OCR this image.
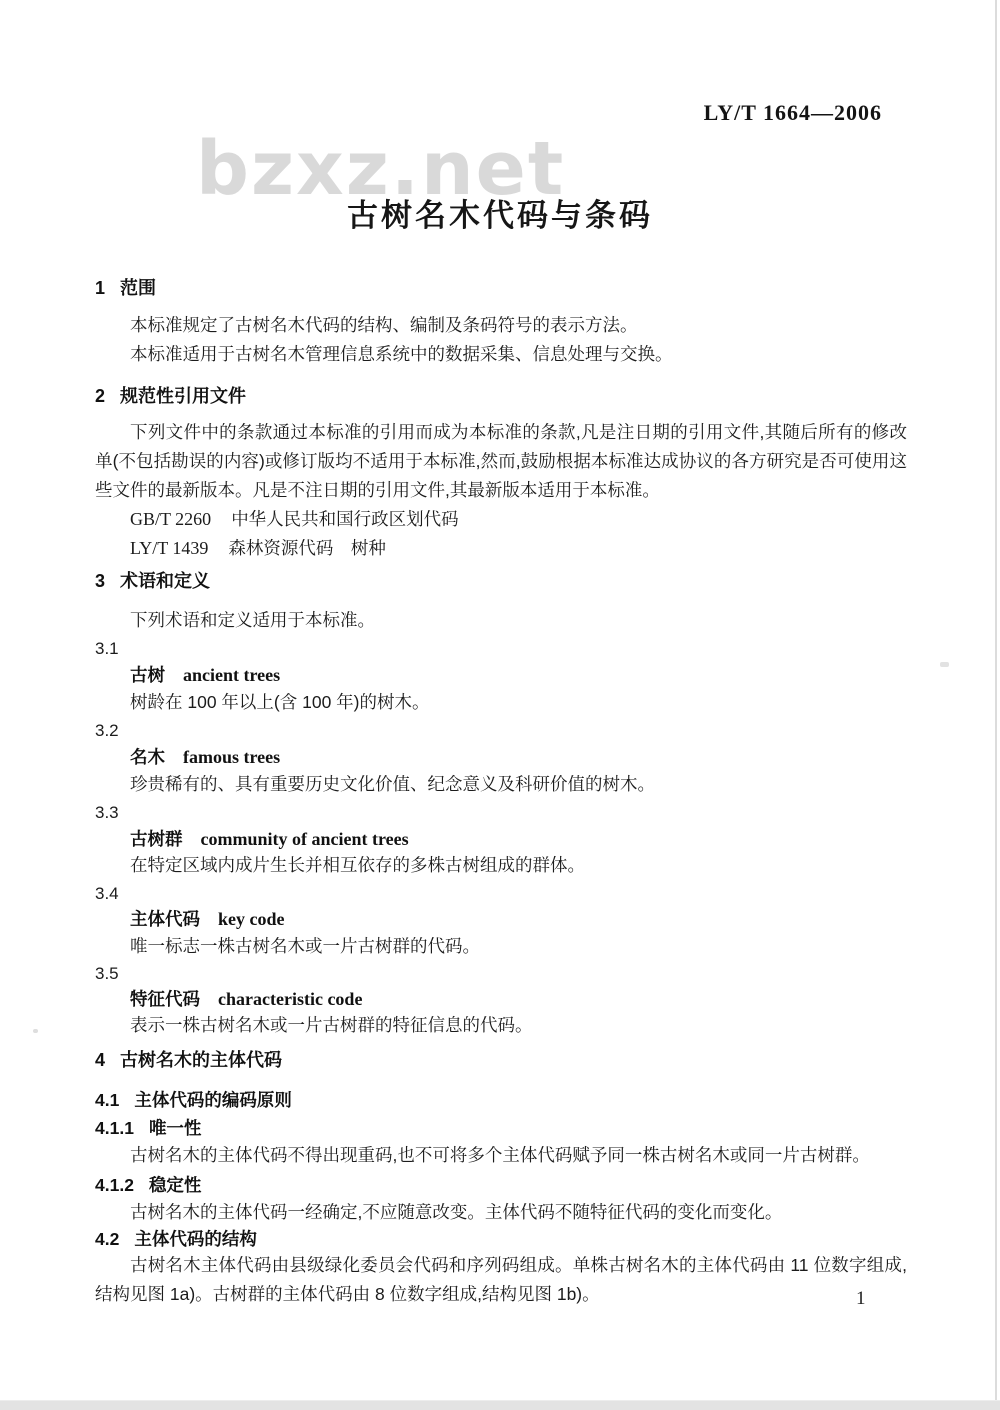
LY/T 1664—2006
bzxz.net
古树名木代码与条码
1 范围
本标准规定了古树名木代码的结构、编制及条码符号的表示方法。
本标准适用于古树名木管理信息系统中的数据采集、信息处理与交换。
2 规范性引用文件
下列文件中的条款通过本标准的引用而成为本标准的条款,凡是注日期的引用文件,其随后所有的修改单(不包括勘误的内容)或修订版均不适用于本标准,然而,鼓励根据本标准达成协议的各方研究是否可使用这些文件的最新版本。凡是不注日期的引用文件,其最新版本适用于本标准。
GB/T 2260 中华人民共和国行政区划代码
LY/T 1439 森林资源代码　树种
3 术语和定义
下列术语和定义适用于本标准。
3.1
古树 ancient trees
树龄在 100 年以上(含 100 年)的树木。
3.2
名木 famous trees
珍贵稀有的、具有重要历史文化价值、纪念意义及科研价值的树木。
3.3
古树群 community of ancient trees
在特定区域内成片生长并相互依存的多株古树组成的群体。
3.4
主体代码 key code
唯一标志一株古树名木或一片古树群的代码。
3.5
特征代码 characteristic code
表示一株古树名木或一片古树群的特征信息的代码。
4 古树名木的主体代码
4.1 主体代码的编码原则
4.1.1 唯一性
古树名木的主体代码不得出现重码,也不可将多个主体代码赋予同一株古树名木或同一片古树群。
4.1.2 稳定性
古树名木的主体代码一经确定,不应随意改变。主体代码不随特征代码的变化而变化。
4.2 主体代码的结构
古树名木主体代码由县级绿化委员会代码和序列码组成。单株古树名木的主体代码由 11 位数字组成,结构见图 1a)。古树群的主体代码由 8 位数字组成,结构见图 1b)。	1
